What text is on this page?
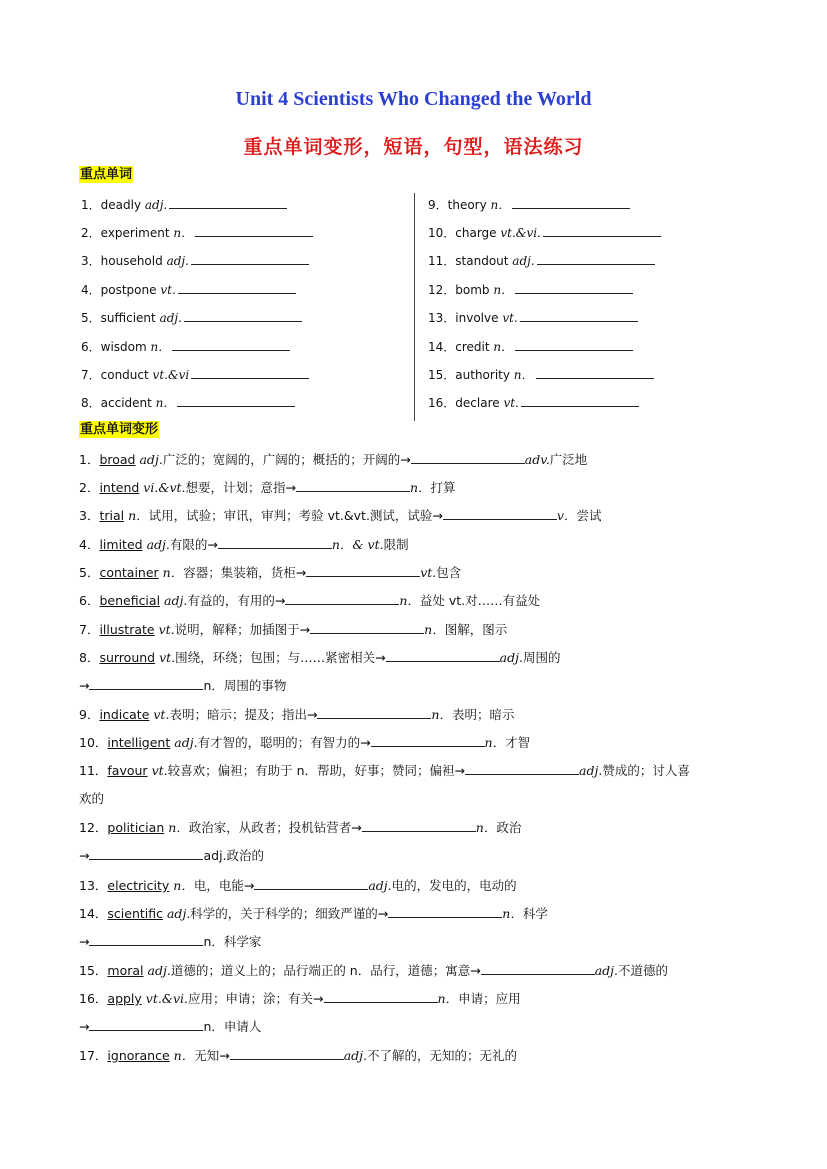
Unit 4 Scientists Who Changed the World
重点单词变形，短语，句型，语法练习
重点单词
1．deadly adj.
2．experiment n．
3．household adj.
4．postpone vt.
5．sufficient adj.
6．wisdom n．
7．conduct vt.&vi
8．accident n．
9．theory n．
10．charge vt.&vi.
11．standout adj.
12．bomb n．
13．involve vt.
14．credit n．
15．authority n．
16．declare vt.
重点单词变形
1．broad adj.广泛的；宽阔的，广阔的；概括的；开阔的→	adv.广泛地
2．intend vi.&vt.想要，计划；意指→	n．打算
3．trial n．试用，试验；审讯，审判；考验 vt.&vt.测试，试验→	v．尝试
4．limited adj.有限的→	n．& vt.限制
5．container n．容器；集装箱，货柜→	vt.包含
6．beneficial adj.有益的，有用的→	n．益处 vt.对……有益处
7．illustrate vt.说明，解释；加插图于→	n．图解，图示
8．surround vt.围绕，环绕；包围；与……紧密相关→	adj.周围的
→	n．周围的事物
9．indicate vt.表明；暗示；提及；指出→	n．表明；暗示
10．intelligent adj.有才智的，聪明的；有智力的→	n．才智
11．favour vt.较喜欢；偏袒；有助于 n．帮助，好事；赞同；偏袒→	adj.赞成的；讨人喜
欢的
12．politician n．政治家，从政者；投机钻营者→	n．政治
→	adj.政治的
13．electricity n．电，电能→	adj.电的，发电的，电动的
14．scientific adj.科学的，关于科学的；细致严谨的→	n．科学
→	n．科学家
15．moral adj.道德的；道义上的；品行端正的 n．品行，道德；寓意→	adj.不道德的
16．apply vt.&vi.应用；申请；涂；有关→	n．申请；应用
→	n．申请人
17．ignorance n．无知→	adj.不了解的，无知的；无礼的
